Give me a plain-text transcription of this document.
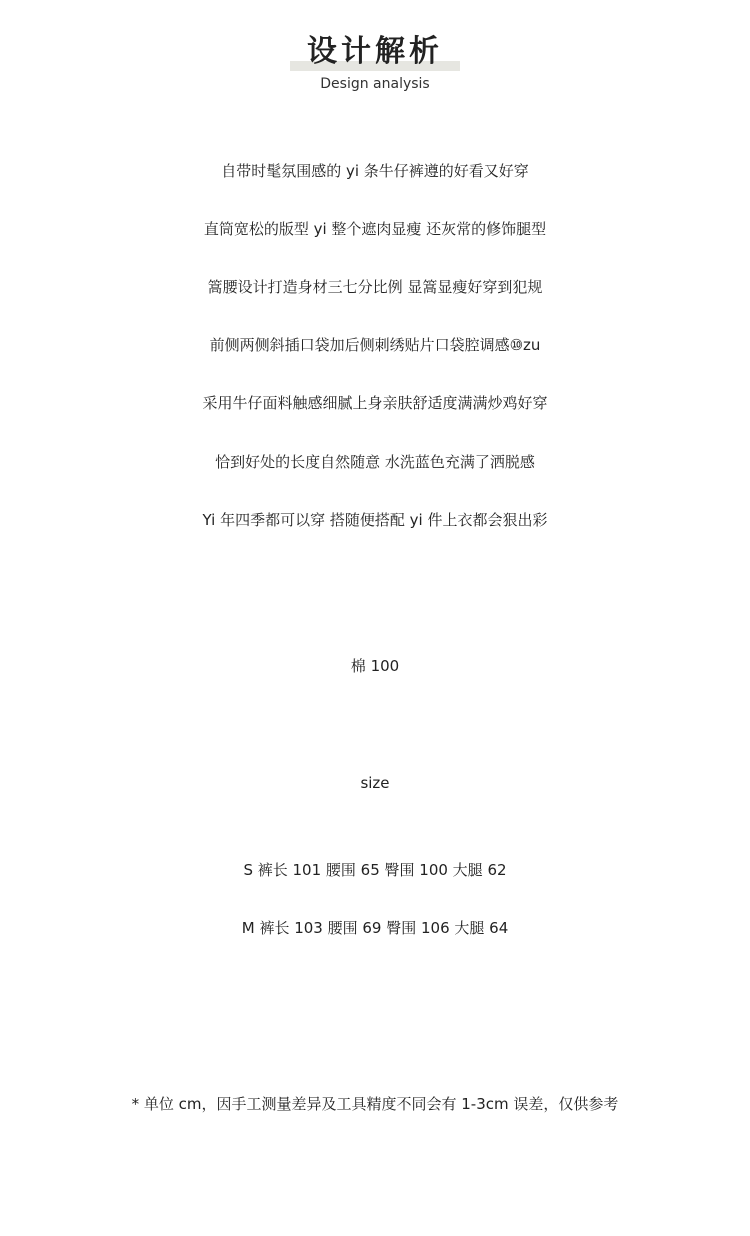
设计解析
Design analysis
自带时髦氛围感的 yi 条牛仔裤遵的好看又好穿
直筒宽松的版型 yi 整个遮肉显瘦 还灰常的修饰腿型
篙腰设计打造身材三七分比例 显篙显瘦好穿到犯规
前侧两侧斜插口袋加后侧刺绣贴片口袋腔调感⑩zu
采用牛仔面料触感细腻上身亲肤舒适度满满炒鸡好穿
恰到好处的长度自然随意 水洗蓝色充满了洒脱感
Yi 年四季都可以穿 搭随便搭配 yi 件上衣都会狠出彩
棉 100
size
S 裤长 101 腰围 65 臀围 100 大腿 62
M 裤长 103 腰围 69 臀围 106 大腿 64
* 单位 cm，因手工测量差异及工具精度不同会有 1-3cm 误差，仅供参考
